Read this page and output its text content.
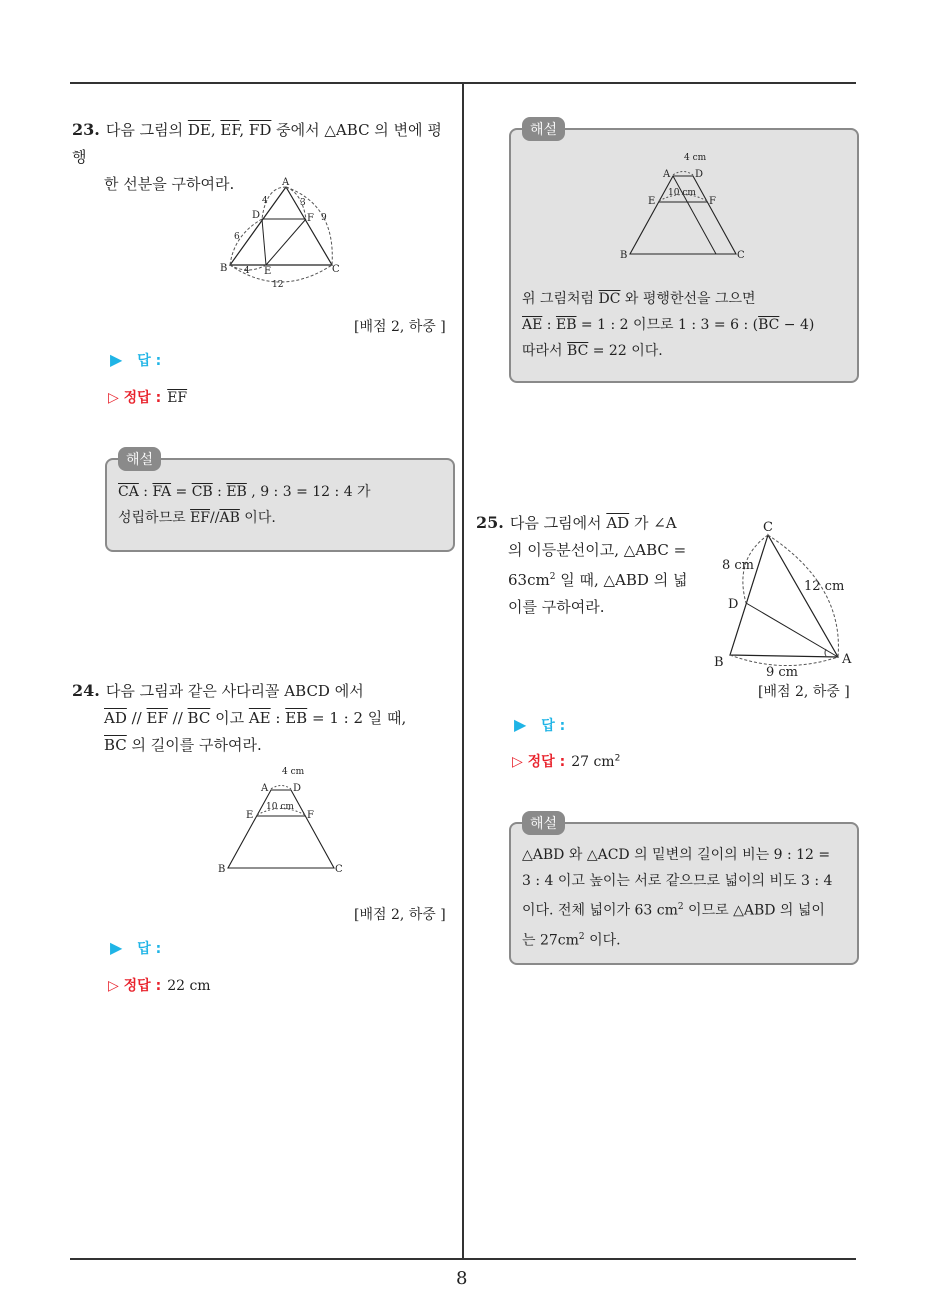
8
23. 다음 그림의 $\overline{DE}$, $\overline{EF}$, $\overline{FD}$ 중에서 △ABC 의 변에 평행
한 선분을 구하여라.	A
B	C
D
E
F
4	3
9
6
4
12
[배점 2, 하중 ]
▶ 답 :
▷ 정답 : $\overline{EF}$
해설
$\overline{CA}$ : $\overline{FA} = \overline{CB}$ : $\overline{EB}$ , 9 : 3 = 12 : 4 가
성립하므로 $\overline{EF}//\overline{AB}$ 이다.
24. 다음 그림과 같은 사다리꼴 ABCD 에서
$\overline{AD} // \overline{EF} // \overline{BC}$ 이고 $\overline{AE}$ : $\overline{EB} = 1$ : 2 일 때,
$\overline{BC}$ 의 길이를 구하여라.
4 cm
10 cm
A D
E	F
B	C
[배점 2, 하중 ]
▶ 답 :
▷ 정답 : 22 cm
해설
4 cm
10 cm
A D
E	F
B	C
위 그림처럼 $\overline{DC}$ 와 평행한선을 그으면
$\overline{AE}$ : $\overline{EB} = 1$ : 2 이므로 1 : 3 = 6 : $(\overline{BC} - 4)$
따라서 $\overline{BC} = 22$ 이다.
25. 다음 그림에서 $\overline{AD}$ 가 ∠A
의 이등분선이고, △ABC =
$63cm^2$ 일 때, △ABD 의 넓
이를 구하여라.
C
B	A
D
8 cm
12 cm
9 cm
[배점 2, 하중 ]
▶ 답 :
▷ 정답 : 27 $cm^2$
해설
△ABD 와 △ACD 의 밑변의 길이의 비는 9 : 12 =
3 : 4 이고 높이는 서로 같으므로 넓이의 비도 3 : 4
이다. 전체 넓이가 63 $cm^2$ 이므로 △ABD 의 넓이
는 $27cm^2$ 이다.
